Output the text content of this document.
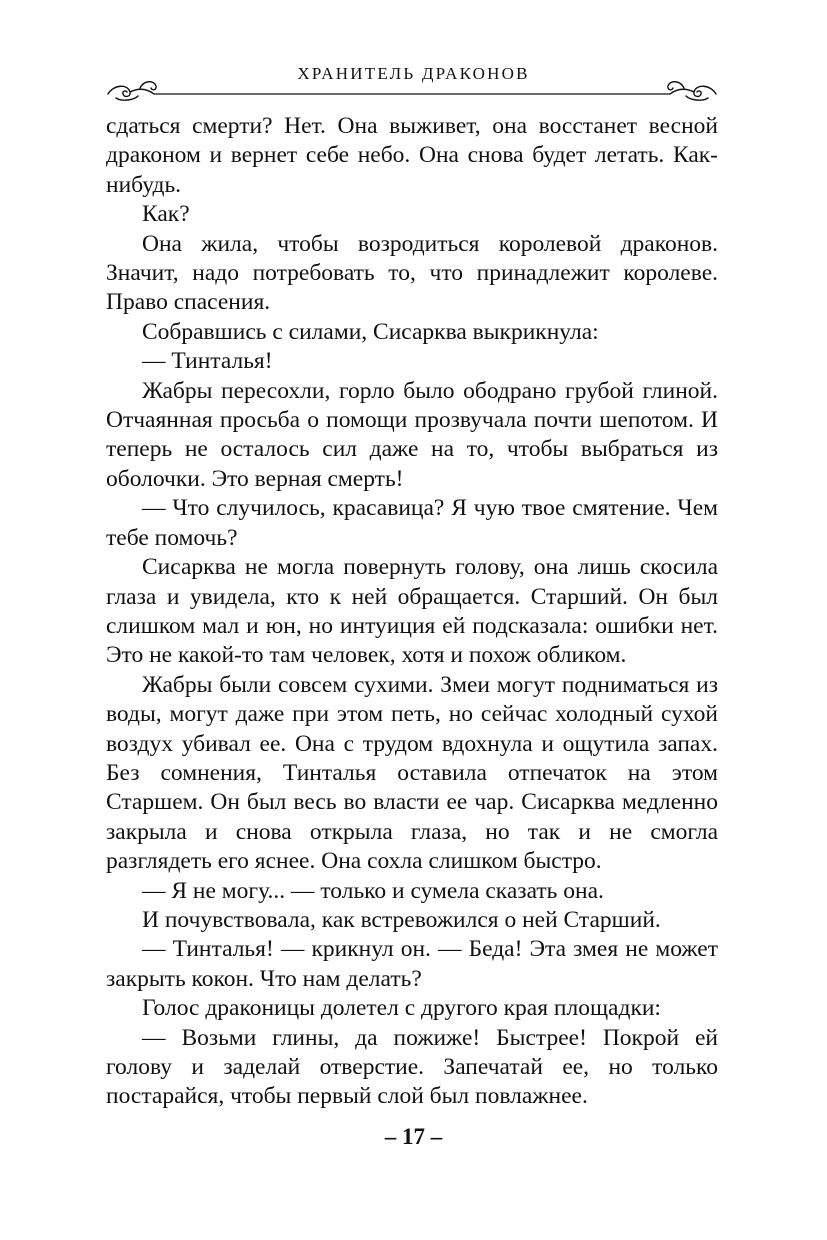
ХРАНИТЕЛЬ ДРАКОНОВ

сдаться смерти? Нет. Она выживет, она восстанет весной драконом и вернет себе небо. Она снова будет летать. Как-нибудь.

Как?

Она жила, чтобы возродиться королевой драконов. Значит, надо потребовать то, что принадлежит королеве. Право спасения.

Собравшись с силами, Сисарква выкрикнула:

— Тинталья!

Жабры пересохли, горло было ободрано грубой глиной. Отчаянная просьба о помощи прозвучала почти шепотом. И теперь не осталось сил даже на то, чтобы выбраться из оболочки. Это верная смерть!

— Что случилось, красавица? Я чую твое смятение. Чем тебе помочь?

Сисарква не могла повернуть голову, она лишь скосила глаза и увидела, кто к ней обращается. Старший. Он был слишком мал и юн, но интуиция ей подсказала: ошибки нет. Это не какой-то там человек, хотя и похож обликом.

Жабры были совсем сухими. Змеи могут подниматься из воды, могут даже при этом петь, но сейчас холодный сухой воздух убивал ее. Она с трудом вдохнула и ощутила запах. Без сомнения, Тинталья оставила отпечаток на этом Старшем. Он был весь во власти ее чар. Сисарква медленно закрыла и снова открыла глаза, но так и не смогла разглядеть его яснее. Она сохла слишком быстро.

— Я не могу... — только и сумела сказать она.

И почувствовала, как встревожился о ней Старший.

— Тинталья! — крикнул он. — Беда! Эта змея не может закрыть кокон. Что нам делать?

Голос драконицы долетел с другого края площадки:

— Возьми глины, да пожиже! Быстрее! Покрой ей голову и заделай отверстие. Запечатай ее, но только постарайся, чтобы первый слой был повлажнее.

– 17 –
